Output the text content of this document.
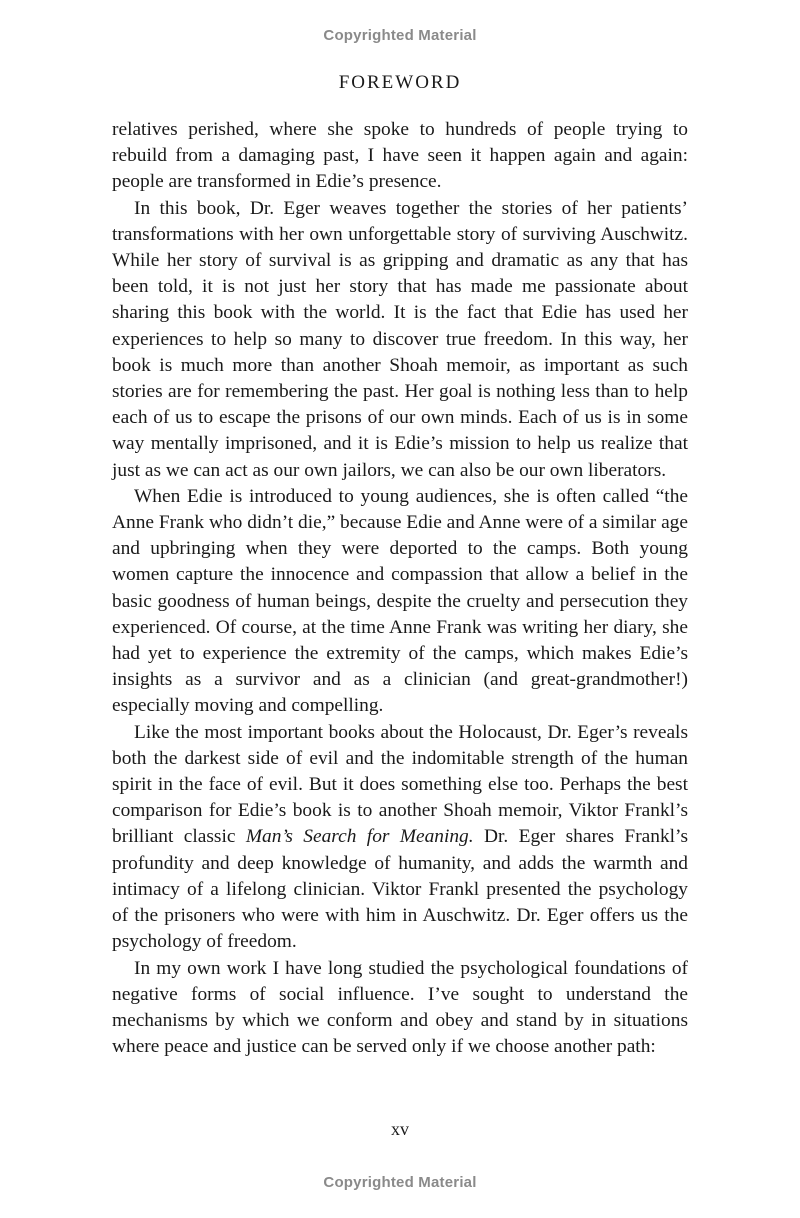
Copyrighted Material
FOREWORD

relatives perished, where she spoke to hundreds of people trying to rebuild from a damaging past, I have seen it happen again and again: people are transformed in Edie’s presence.

In this book, Dr. Eger weaves together the stories of her patients’ transformations with her own unforgettable story of surviving Auschwitz. While her story of survival is as gripping and dramatic as any that has been told, it is not just her story that has made me passionate about sharing this book with the world. It is the fact that Edie has used her experiences to help so many to discover true freedom. In this way, her book is much more than another Shoah memoir, as important as such stories are for remembering the past. Her goal is nothing less than to help each of us to escape the prisons of our own minds. Each of us is in some way mentally imprisoned, and it is Edie’s mission to help us realize that just as we can act as our own jailors, we can also be our own liberators.

When Edie is introduced to young audiences, she is often called “the Anne Frank who didn’t die,” because Edie and Anne were of a similar age and upbringing when they were deported to the camps. Both young women capture the innocence and compassion that allow a belief in the basic goodness of human beings, despite the cruelty and persecution they experienced. Of course, at the time Anne Frank was writing her diary, she had yet to experience the extremity of the camps, which makes Edie’s insights as a survivor and as a clinician (and great-grandmother!) especially moving and compelling.

Like the most important books about the Holocaust, Dr. Eger’s reveals both the darkest side of evil and the indomitable strength of the human spirit in the face of evil. But it does something else too. Perhaps the best comparison for Edie’s book is to another Shoah memoir, Viktor Frankl’s brilliant classic Man’s Search for Meaning. Dr. Eger shares Frankl’s profundity and deep knowledge of humanity, and adds the warmth and intimacy of a lifelong clinician. Viktor Frankl presented the psychology of the prisoners who were with him in Auschwitz. Dr. Eger offers us the psychology of freedom.

In my own work I have long studied the psychological foundations of negative forms of social influence. I’ve sought to understand the mechanisms by which we conform and obey and stand by in situations where peace and justice can be served only if we choose another path:

xv
Copyrighted Material
